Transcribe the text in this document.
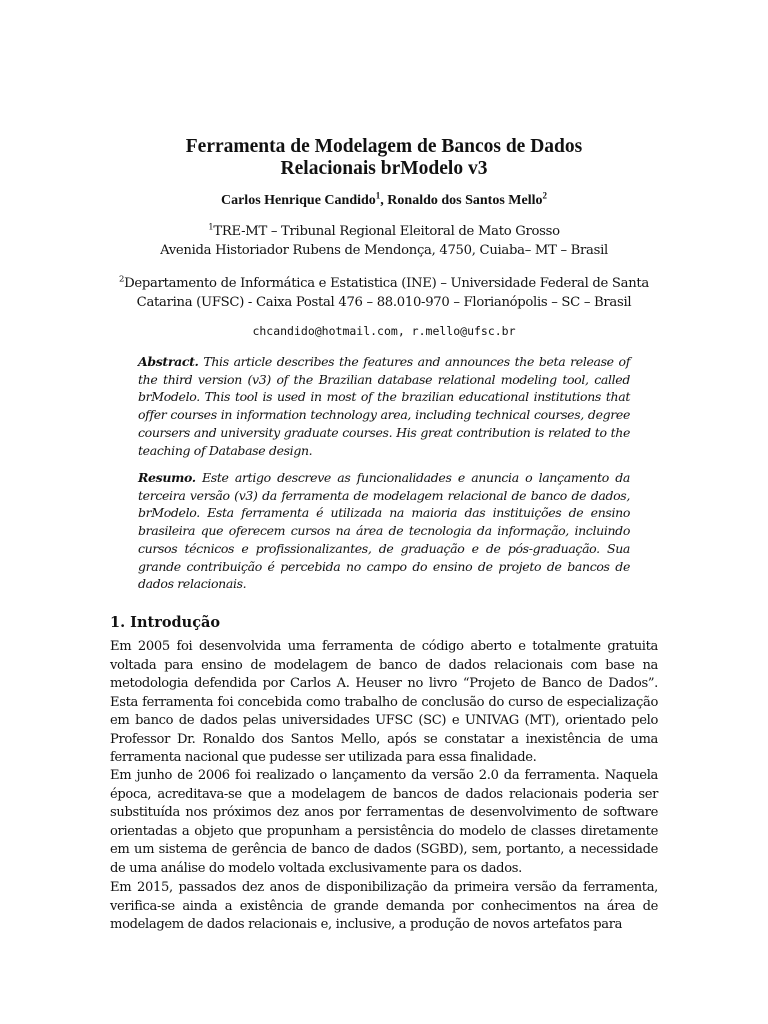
Ferramenta de Modelagem de Bancos de Dados
Relacionais brModelo v3
Carlos Henrique Candido$^1$, Ronaldo dos Santos Mello$^2$
$^1$TRE-MT – Tribunal Regional Eleitoral de Mato Grosso
Avenida Historiador Rubens de Mendonça, 4750, Cuiaba– MT – Brasil
$^2$Departamento de Informática e Estatistica (INE) – Universidade Federal de Santa
Catarina (UFSC) - Caixa Postal 476 – 88.010-970 – Florianópolis – SC – Brasil
chcandido@hotmail.com, r.mello@ufsc.br
Abstract. This article describes the features and announces the beta release of the third version (v3) of the Brazilian database relational modeling tool, called brModelo. This tool is used in most of the brazilian educational institutions that offer courses in information technology area, including technical courses, degree coursers and university graduate courses. His great contribution is related to the teaching of Database design.
Resumo. Este artigo descreve as funcionalidades e anuncia o lançamento da terceira versão (v3) da ferramenta de modelagem relacional de banco de dados, brModelo. Esta ferramenta é utilizada na maioria das instituições de ensino brasileira que oferecem cursos na área de tecnologia da informação, incluindo cursos técnicos e profissionalizantes, de graduação e de pós-graduação. Sua grande contribuição é percebida no campo do ensino de projeto de bancos de dados relacionais.
1. Introdução
Em 2005 foi desenvolvida uma ferramenta de código aberto e totalmente gratuita voltada para ensino de modelagem de banco de dados relacionais com base na metodologia defendida por Carlos A. Heuser no livro “Projeto de Banco de Dados”. Esta ferramenta foi concebida como trabalho de conclusão do curso de especialização em banco de dados pelas universidades UFSC (SC) e UNIVAG (MT), orientado pelo Professor Dr. Ronaldo dos Santos Mello, após se constatar a inexistência de uma ferramenta nacional que pudesse ser utilizada para essa finalidade.
Em junho de 2006 foi realizado o lançamento da versão 2.0 da ferramenta. Naquela época, acreditava-se que a modelagem de bancos de dados relacionais poderia ser substituída nos próximos dez anos por ferramentas de desenvolvimento de software orientadas a objeto que propunham a persistência do modelo de classes diretamente em um sistema de gerência de banco de dados (SGBD), sem, portanto, a necessidade de uma análise do modelo voltada exclusivamente para os dados.
Em 2015, passados dez anos de disponibilização da primeira versão da ferramenta, verifica-se ainda a existência de grande demanda por conhecimentos na área de modelagem de dados relacionais e, inclusive, a produção de novos artefatos para
